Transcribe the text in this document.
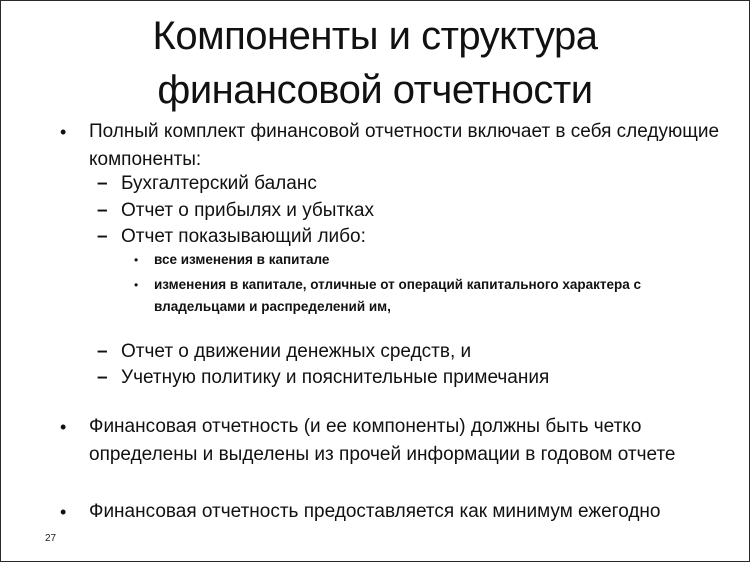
Компоненты и структура
финансовой отчетности
• Полный комплект финансовой отчетности включает в себя следующие компоненты:
– Бухгалтерский баланс
– Отчет о прибылях и убытках
– Отчет показывающий либо:
• все изменения в капитале
• изменения в капитале, отличные от операций капитального характера с владельцами и распределений им,
– Отчет о движении денежных средств, и
– Учетную политику и пояснительные примечания
• Финансовая отчетность (и ее компоненты) должны быть четко определены и выделены из прочей информации в годовом отчете
• Финансовая отчетность предоставляется как минимум ежегодно
27
